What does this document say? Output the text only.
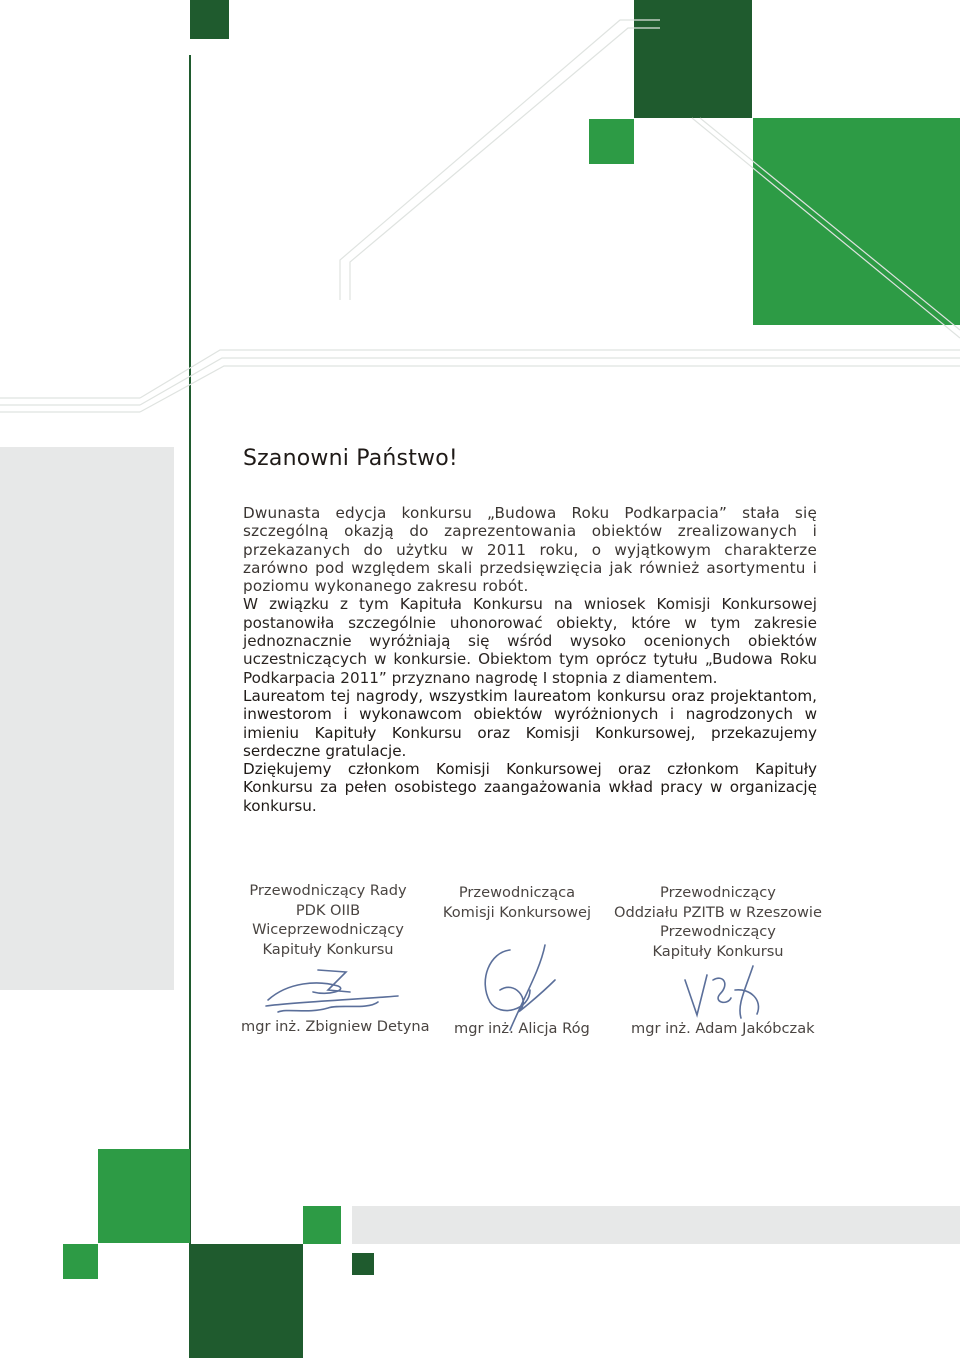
Szanowni Państwo!

Dwunasta edycja konkursu „Budowa Roku Podkarpacia” stała się szczególną okazją do zaprezentowania obiektów zrealizowanych i przekazanych do użytku w 2011 roku, o wyjątkowym charakterze zarówno pod względem skali przedsięwzięcia jak również asortymentu i poziomu wykonanego zakresu robót.

W związku z tym Kapituła Konkursu na wniosek Komisji Konkursowej postanowiła szczególnie uhonorować obiekty, które w tym zakresie jednoznacznie wyróżniają się wśród wysoko ocenionych obiektów uczestniczących w konkursie. Obiektom tym oprócz tytułu „Budowa Roku Podkarpacia 2011” przyznano nagrodę I stopnia z diamentem.

Laureatom tej nagrody, wszystkim laureatom konkursu oraz projektantom, inwestorom i wykonawcom obiektów wyróżnionych i nagrodzonych w imieniu Kapituły Konkursu oraz Komisji Konkursowej, przekazujemy serdeczne gratulacje.

Dziękujemy członkom Komisji Konkursowej oraz członkom Kapituły Konkursu za pełen osobistego zaangażowania wkład pracy w organizację konkursu.

Przewodniczący Rady
PDK OIIB
Wiceprzewodniczący
Kapituły Konkursu
Przewodnicząca
Komisji Konkursowej
Przewodniczący
Oddziału PZITB w Rzeszowie
Przewodniczący
Kapituły Konkursu
mgr inż. Zbigniew Detyna mgr inż. Alicja Róg	mgr inż. Adam Jakóbczak
